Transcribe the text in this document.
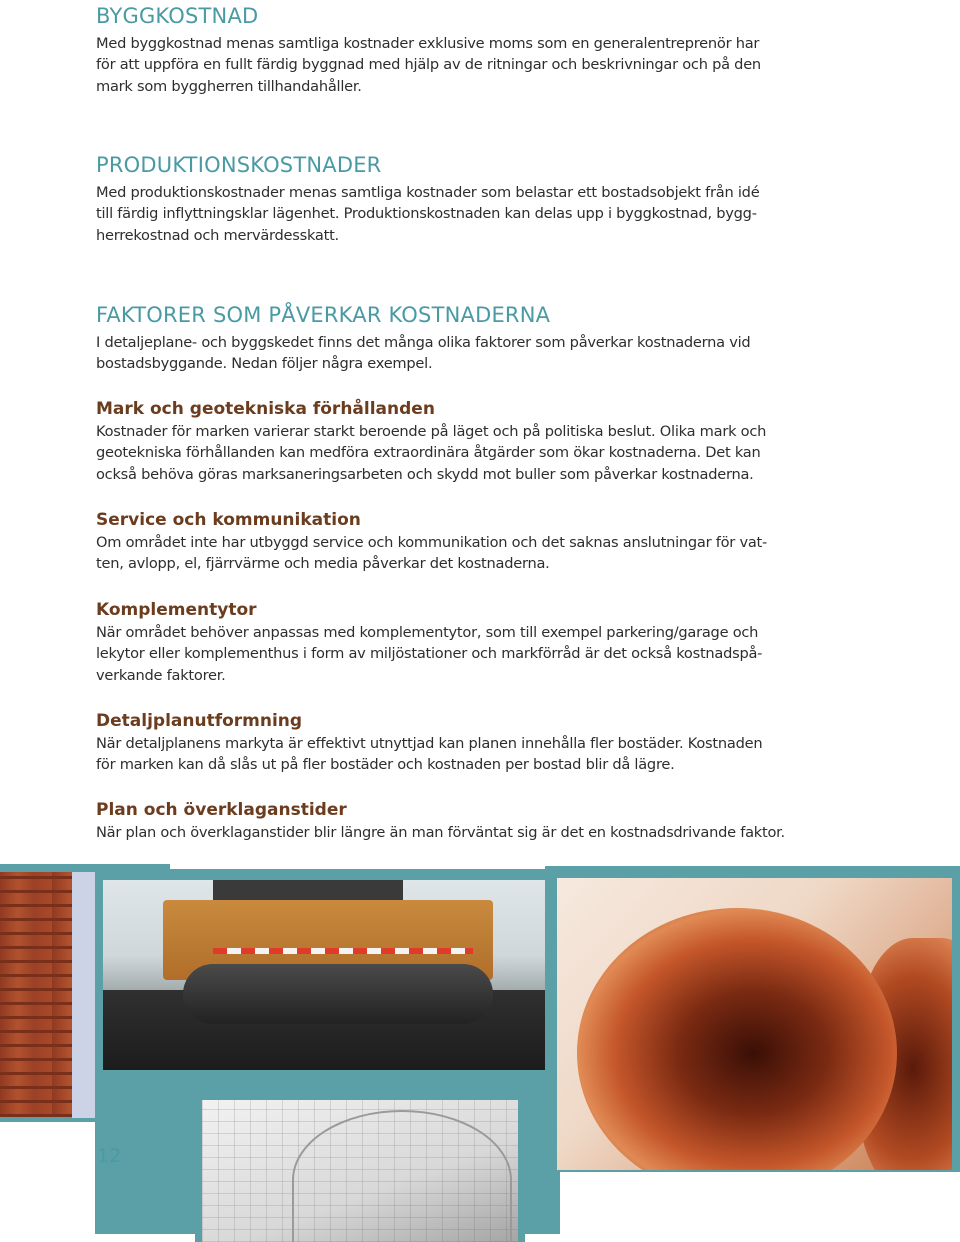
BYGGKOSTNAD

Med byggkostnad menas samtliga kostnader exklusive moms som en generalentreprenör har

för att uppföra en fullt färdig byggnad med hjälp av de ritningar och beskrivningar och på den

mark som byggherren tillhandahåller.

PRODUKTIONSKOSTNADER

Med produktionskostnader menas samtliga kostnader som belastar ett bostadsobjekt från idé

till färdig inflyttningsklar lägenhet. Produktionskostnaden kan delas upp i byggkostnad, bygg-

herrekostnad och mervärdesskatt.

FAKTORER SOM PÅVERKAR KOSTNADERNA

I detaljeplane- och byggskedet finns det många olika faktorer som påverkar kostnaderna vid

bostadsbyggande. Nedan följer några exempel.

Mark och geotekniska förhållanden

Kostnader för marken varierar starkt beroende på läget och på politiska beslut. Olika mark och

geotekniska förhållanden kan medföra extraordinära åtgärder som ökar kostnaderna. Det kan

också behöva göras marksaneringsarbeten och skydd mot buller som påverkar kostnaderna.

Service och kommunikation

Om området inte har utbyggd service och kommunikation och det saknas anslutningar för vat-

ten, avlopp, el, fjärrvärme och media påverkar det kostnaderna.

Komplementytor

När området behöver anpassas med komplementytor, som till exempel parkering/garage och

lekytor eller komplementhus i form av miljöstationer och markförråd är det också kostnadspå-

verkande faktorer.

Detaljplanutformning

När detaljplanens markyta är effektivt utnyttjad kan planen innehålla fler bostäder. Kostnaden

för marken kan då slås ut på fler bostäder och kostnaden per bostad blir då lägre.

Plan och överklaganstider

När plan och överklaganstider blir längre än man förväntat sig är det en kostnadsdrivande faktor.

12
